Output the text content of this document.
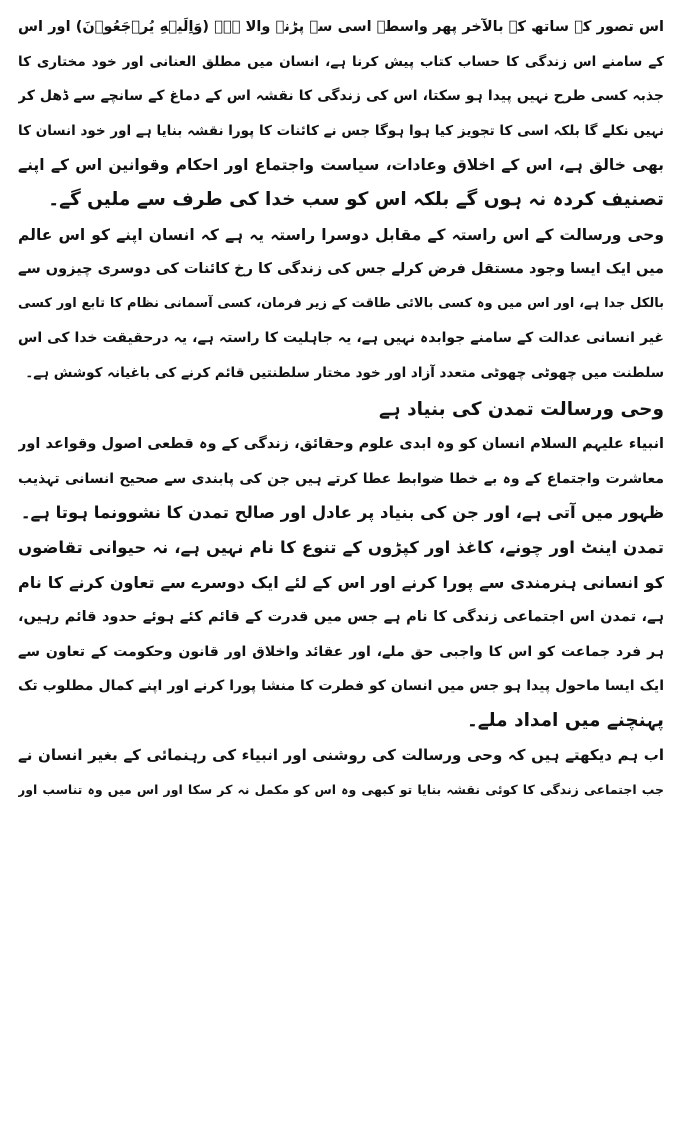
اس تصور کے ساتھ کہ بالآخر پھر واسطہ اسی سے پڑنے والا ہے۔ (وَاِلَیۡهِ یُرۡجَعُوۡنَ) اور اس
کے سامنے اس زندگی کا حساب کتاب پیش کرنا ہے، انسان میں مطلق العنانی اور خود مختاری کا
جذبہ کسی طرح نہیں پیدا ہو سکتا، اس کی زندگی کا نقشہ اس کے دماغ کے سانچے سے ڈھل کر
نہیں نکلے گا بلکہ اسی کا تجویز کیا ہوا ہوگا جس نے کائنات کا پورا نقشہ بنایا ہے اور خود انسان کا
بھی خالق ہے، اس کے اخلاق وعادات، سیاست واجتماع اور احکام وقوانین اس کے اپنے
تصنیف کردہ نہ ہوں گے بلکہ اس کو سب خدا کی طرف سے ملیں گے۔
وحی ورسالت کے اس راستہ کے مقابل دوسرا راستہ یہ ہے کہ انسان اپنے کو اس عالم
میں ایک ایسا وجود مستقل فرض کرلے جس کی زندگی کا رخ کائنات کی دوسری چیزوں سے
بالکل جدا ہے، اور اس میں وہ کسی بالائی طاقت کے زیر فرمان، کسی آسمانی نظام کا تابع اور کسی
غیر انسانی عدالت کے سامنے جوابدہ نہیں ہے، یہ جاہلیت کا راستہ ہے، یہ درحقیقت خدا کی اس
سلطنت میں چھوٹی چھوٹی متعدد آزاد اور خود مختار سلطنتیں قائم کرنے کی باغیانہ کوشش ہے۔
وحی ورسالت تمدن کی بنیاد ہے
انبیاء علیہم السلام انسان کو وہ ابدی علوم وحقائق، زندگی کے وہ قطعی اصول وقواعد اور
معاشرت واجتماع کے وہ بے خطا ضوابط عطا کرتے ہیں جن کی پابندی سے صحیح انسانی تہذیب
ظہور میں آتی ہے، اور جن کی بنیاد پر عادل اور صالح تمدن کا نشوونما ہوتا ہے۔
تمدن اینٹ اور چونے، کاغذ اور کپڑوں کے تنوع کا نام نہیں ہے، نہ حیوانی تقاضوں
کو انسانی ہنرمندی سے پورا کرنے اور اس کے لئے ایک دوسرے سے تعاون کرنے کا نام
ہے، تمدن اس اجتماعی زندگی کا نام ہے جس میں قدرت کے قائم کئے ہوئے حدود قائم رہیں،
ہر فرد جماعت کو اس کا واجبی حق ملے، اور عقائد واخلاق اور قانون وحکومت کے تعاون سے
ایک ایسا ماحول پیدا ہو جس میں انسان کو فطرت کا منشا پورا کرنے اور اپنے کمال مطلوب تک
پہنچنے میں امداد ملے۔
اب ہم دیکھتے ہیں کہ وحی ورسالت کی روشنی اور انبیاء کی رہنمائی کے بغیر انسان نے
جب اجتماعی زندگی کا کوئی نقشہ بنایا تو کبھی وہ اس کو مکمل نہ کر سکا اور اس میں وہ تناسب اور
